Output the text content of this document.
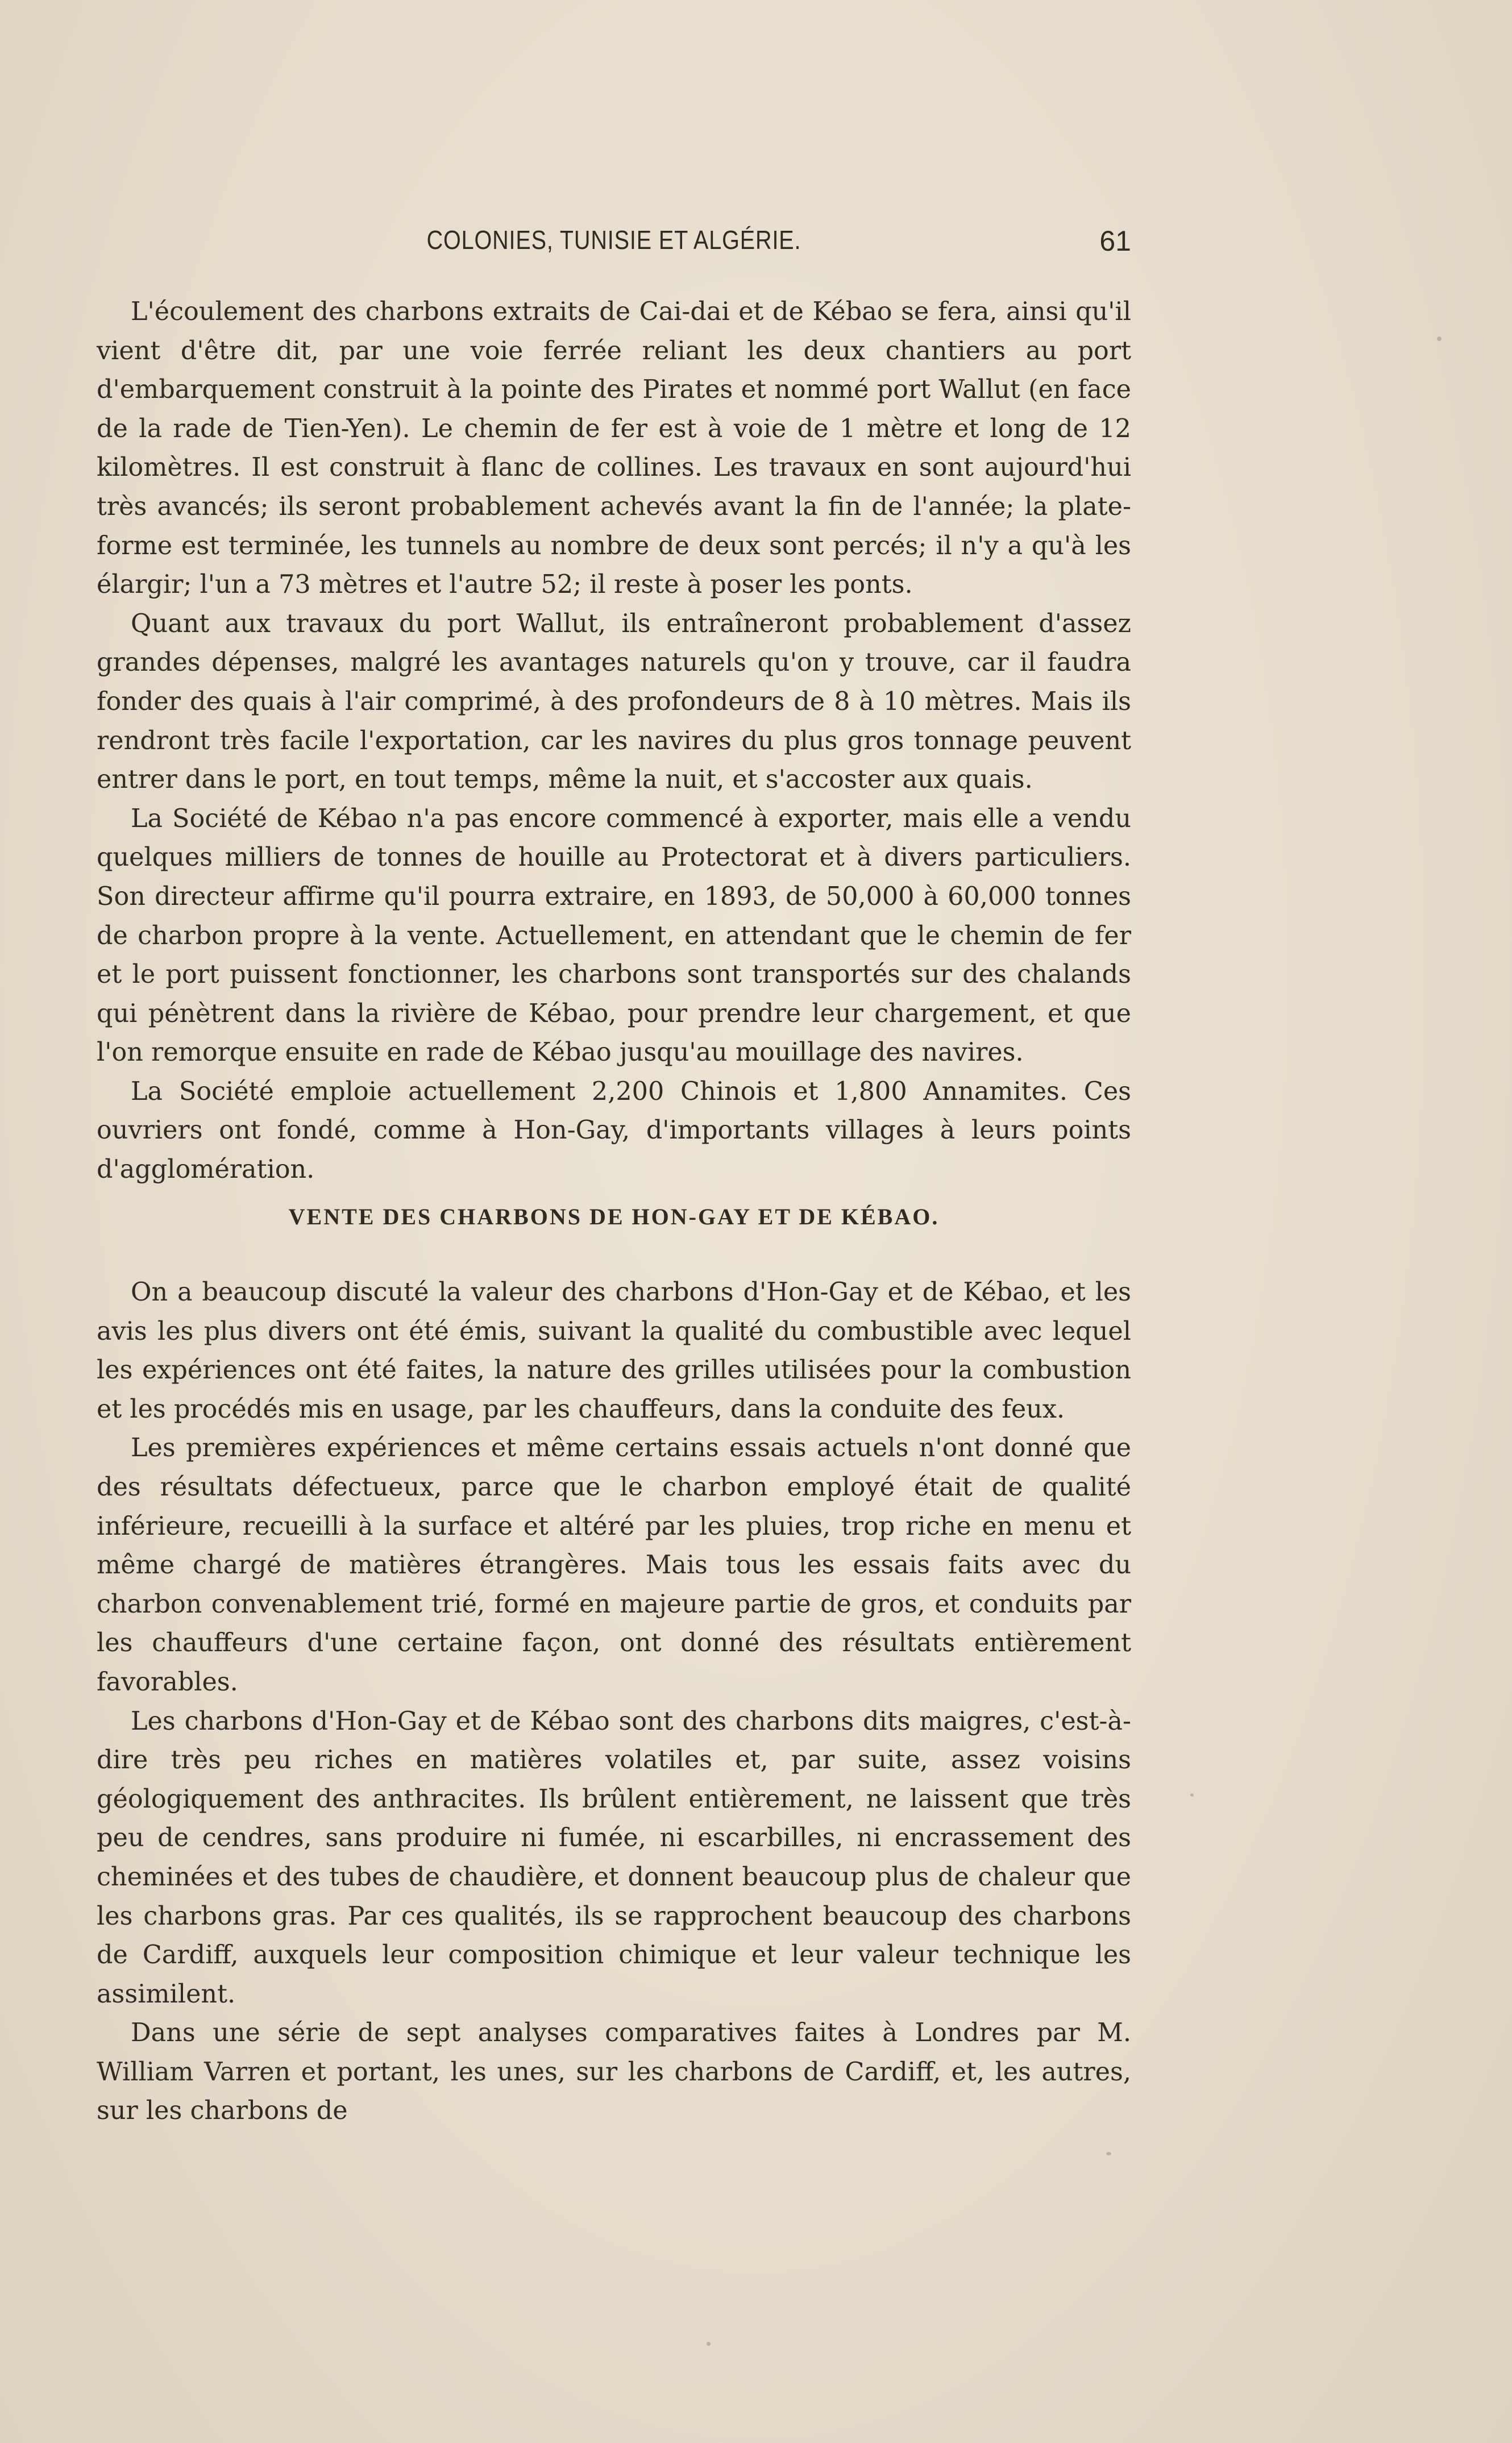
COLONIES, TUNISIE ET ALGÉRIE.	61

L'écoulement des charbons extraits de Cai-dai et de Kébao se fera, ainsi qu'il vient d'être dit, par une voie ferrée reliant les deux chantiers au port d'embarquement construit à la pointe des Pirates et nommé port Wallut (en face de la rade de Tien-Yen). Le chemin de fer est à voie de 1 mètre et long de 12 kilomètres. Il est construit à flanc de collines. Les travaux en sont aujourd'hui très avancés; ils seront probablement achevés avant la fin de l'année; la plate-forme est terminée, les tunnels au nombre de deux sont percés; il n'y a qu'à les élargir; l'un a 73 mètres et l'autre 52; il reste à poser les ponts.

Quant aux travaux du port Wallut, ils entraîneront probablement d'assez grandes dépenses, malgré les avantages naturels qu'on y trouve, car il faudra fonder des quais à l'air comprimé, à des profondeurs de 8 à 10 mètres. Mais ils rendront très facile l'exportation, car les navires du plus gros tonnage peuvent entrer dans le port, en tout temps, même la nuit, et s'accoster aux quais.

La Société de Kébao n'a pas encore commencé à exporter, mais elle a vendu quelques milliers de tonnes de houille au Protectorat et à divers particuliers. Son directeur affirme qu'il pourra extraire, en 1893, de 50,000 à 60,000 tonnes de charbon propre à la vente. Actuellement, en attendant que le chemin de fer et le port puissent fonctionner, les charbons sont transportés sur des chalands qui pénètrent dans la rivière de Kébao, pour prendre leur chargement, et que l'on remorque ensuite en rade de Kébao jusqu'au mouillage des navires.

La Société emploie actuellement 2,200 Chinois et 1,800 Annamites. Ces ouvriers ont fondé, comme à Hon-Gay, d'importants villages à leurs points d'agglomération.

VENTE DES CHARBONS DE HON-GAY ET DE KÉBAO.

On a beaucoup discuté la valeur des charbons d'Hon-Gay et de Kébao, et les avis les plus divers ont été émis, suivant la qualité du combustible avec lequel les expériences ont été faites, la nature des grilles utilisées pour la combustion et les procédés mis en usage, par les chauffeurs, dans la conduite des feux.

Les premières expériences et même certains essais actuels n'ont donné que des résultats défectueux, parce que le charbon employé était de qualité inférieure, recueilli à la surface et altéré par les pluies, trop riche en menu et même chargé de matières étrangères. Mais tous les essais faits avec du charbon convenablement trié, formé en majeure partie de gros, et conduits par les chauffeurs d'une certaine façon, ont donné des résultats entièrement favorables.

Les charbons d'Hon-Gay et de Kébao sont des charbons dits maigres, c'est-à-dire très peu riches en matières volatiles et, par suite, assez voisins géologiquement des anthracites. Ils brûlent entièrement, ne laissent que très peu de cendres, sans produire ni fumée, ni escarbilles, ni encrassement des cheminées et des tubes de chaudière, et donnent beaucoup plus de chaleur que les charbons gras. Par ces qualités, ils se rapprochent beaucoup des charbons de Cardiff, auxquels leur composition chimique et leur valeur technique les assimilent.

Dans une série de sept analyses comparatives faites à Londres par M. William Varren et portant, les unes, sur les charbons de Cardiff, et, les autres, sur les charbons de
